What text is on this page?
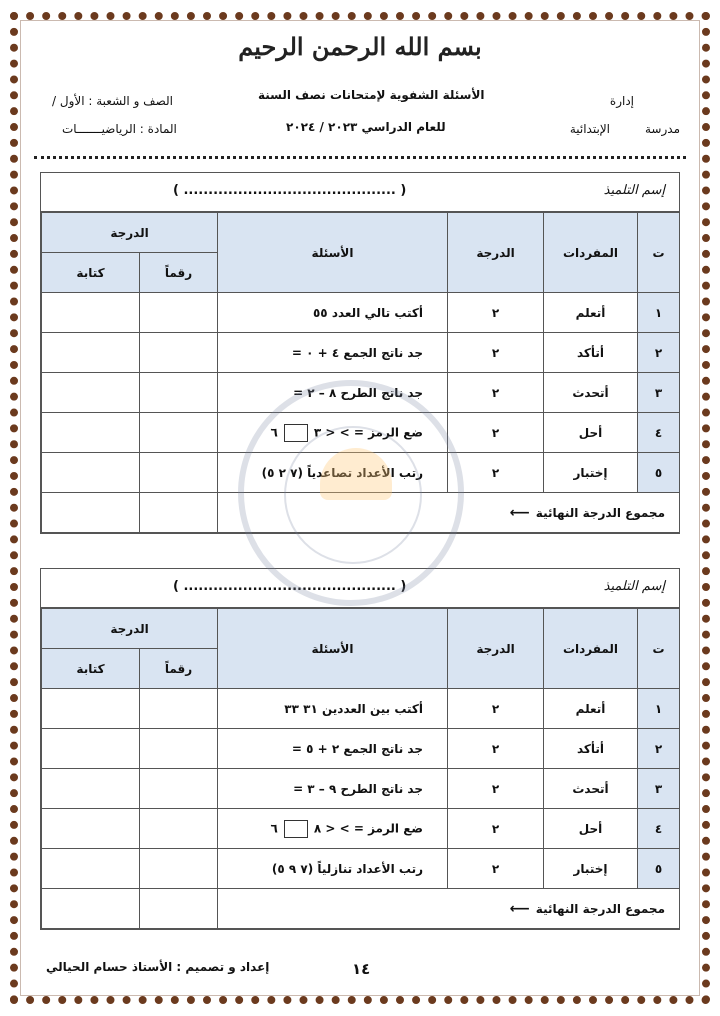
بسم الله الرحمن الرحيم
إدارة
مدرسة
الإبتدائية
الأسئلة الشفوية لإمتحانات نصف السنة
للعام الدراسي ٢٠٢٣ / ٢٠٢٤
الصف و الشعبة : الأول /
المادة : الرياضيـــــــات
إسم التلميذ
( ........................................... )
ت	المفردات	الدرجة	الأسئلة	الدرجة	
				رقماً	كتابة
١	أتعلم	٢	أكتب تالي العدد ٥٥		
٢	أتأكد	٢	جد ناتج الجمع ٤ + ٠ =		
٣	أتحدث	٢	جد ناتج الطرح ٨ – ٢ =		
٤	أحل	٢	ضع الرمز = > < ٣٦		
٥	إختبار	٢	رتب الأعداد تصاعدياً (٧ ٢ ٥)		
مجموع الدرجة النهائية⟵					
إسم التلميذ
( ........................................... )
ت	المفردات	الدرجة	الأسئلة	الدرجة	
				رقماً	كتابة
١	أتعلم	٢	أكتب بين العددين ٣١ ٣٣		
٢	أتأكد	٢	جد ناتج الجمع ٢ + ٥ =		
٣	أتحدث	٢	جد ناتج الطرح ٩ – ٣ =		
٤	أحل	٢	ضع الرمز = > < ٨٦		
٥	إختبار	٢	رتب الأعداد تنازلياً (٧ ٩ ٥)		
مجموع الدرجة النهائية⟵					
١٤
إعداد و تصميم : الأستاذ حسام الحيالي
